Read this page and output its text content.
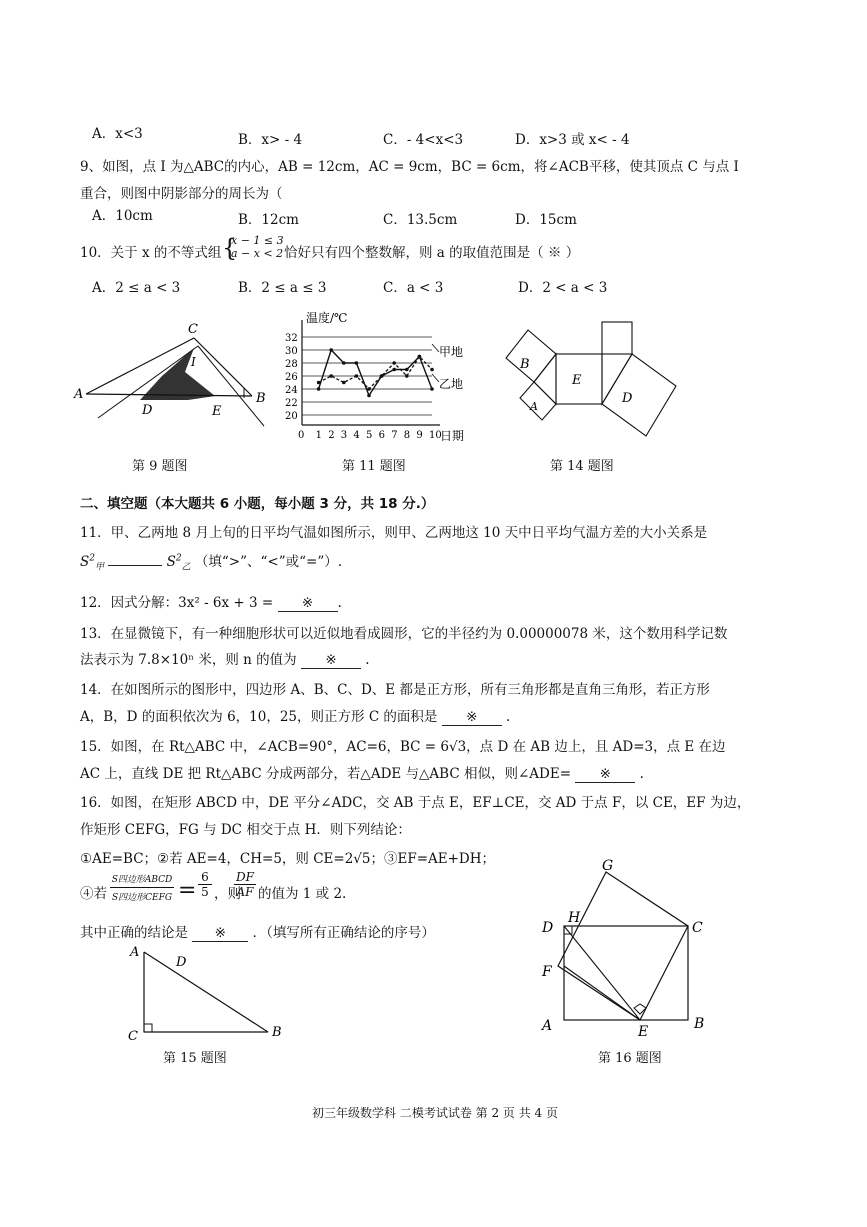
A．x<3	B．x> - 4	C．- 4<x<3	D．x>3 或 x< - 4
9、如图，点 I 为△ABC的内心，AB = 12cm，AC = 9cm，BC = 6cm，将∠ACB平移，使其顶点 C 与点 I
重合，则图中阴影部分的周长为（
A．10cm	B．12cm	C．13.5cm	D．15cm
10．关于 x 的不等式组 {
x − 1 ≤ 3
a − x < 2 恰好只有四个整数解，则 a 的取值范围是（ ※ ）
A．2 ≤ a < 3	B．2 ≤ a ≤ 3	C．a < 3	D．2 < a < 3
C
I
A
D	E
B
第 9 题图
温度/℃
日期
甲地
乙地
20
22
24
26
28
30
32
0 1 2 3 4 5 6 7 8 9 10
第 11 题图
B
E
D
A
第 14 题图
二、填空题（本大题共 6 小题，每小题 3 分，共 18 分.）
11．甲、乙两地 8 月上旬的日平均气温如图所示，则甲、乙两地这 10 天中日平均气温方差的大小关系是
$S^2_甲$	$S^2_乙$ （填“>”、“<”或“=”）.
12．因式分解：3x² - 6x + 3 = ※ .
13．在显微镜下，有一种细胞形状可以近似地看成圆形，它的半径约为 0.00000078 米，这个数用科学记数
法表示为 7.8×10ⁿ 米，则 n 的值为 ※ .
14．在如图所示的图形中，四边形 A、B、C、D、E 都是正方形，所有三角形都是直角三角形，若正方形
A，B，D 的面积依次为 6，10，25，则正方形 C 的面积是 ※ .
15．如图，在 Rt△ABC 中，∠ACB=90°，AC=6，BC = 6√3，点 D 在 AB 边上，且 AD=3，点 E 在边
AC 上，直线 DE 把 Rt△ABC 分成两部分，若△ADE 与△ABC 相似，则∠ADE= ※ .
16．如图，在矩形 ABCD 中，DE 平分∠ADC，交 AB 于点 E，EF⊥CE，交 AD 于点 F，以 CE，EF 为边，
作矩形 CEFG，FG 与 DC 相交于点 H．则下列结论：
①AE=BC；②若 AE=4，CH=5，则 CE=2√5；③EF=AE+DH；
④若
S四边形ABCD
S四边形CEFG = $\frac{6}{5}$ ，则
DF
AF 的值为 1 或 2.
其中正确的结论是 ※ ．（填写所有正确结论的序号）
A
D
C	B
第 15 题图
G
H
D	C
F
A	E	B
第 16 题图
初三年级数学科 二模考试试卷 第 2 页 共 4 页
